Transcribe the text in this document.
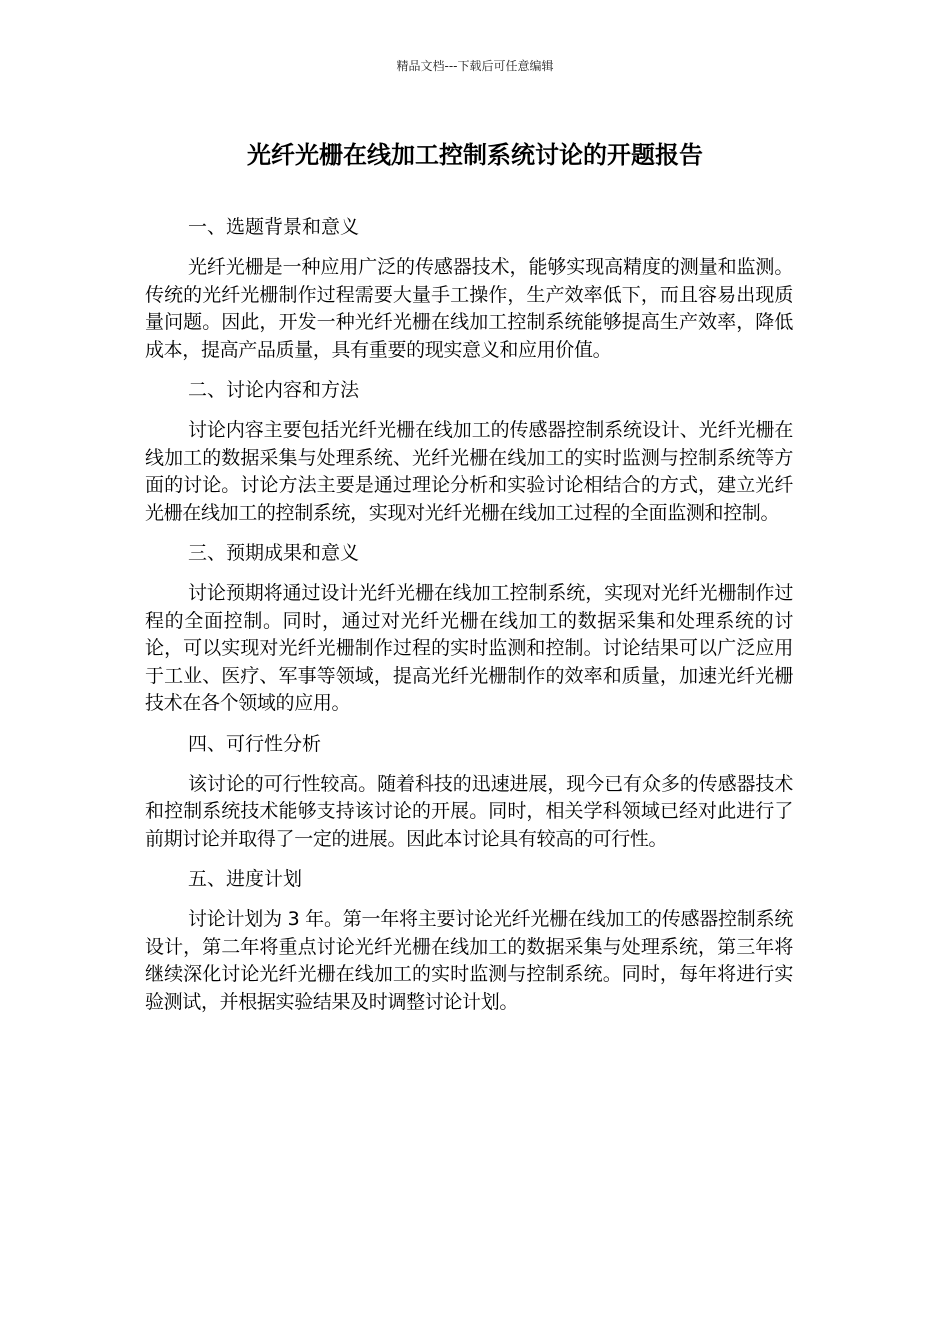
精品文档---下载后可任意编辑
光纤光栅在线加工控制系统讨论的开题报告

一、选题背景和意义

光纤光栅是一种应用广泛的传感器技术，能够实现高精度的测量和监测。传统的光纤光栅制作过程需要大量手工操作，生产效率低下，而且容易出现质量问题。因此，开发一种光纤光栅在线加工控制系统能够提高生产效率，降低成本，提高产品质量，具有重要的现实意义和应用价值。

二、讨论内容和方法

讨论内容主要包括光纤光栅在线加工的传感器控制系统设计、光纤光栅在线加工的数据采集与处理系统、光纤光栅在线加工的实时监测与控制系统等方面的讨论。讨论方法主要是通过理论分析和实验讨论相结合的方式，建立光纤光栅在线加工的控制系统，实现对光纤光栅在线加工过程的全面监测和控制。

三、预期成果和意义

讨论预期将通过设计光纤光栅在线加工控制系统，实现对光纤光栅制作过程的全面控制。同时，通过对光纤光栅在线加工的数据采集和处理系统的讨论，可以实现对光纤光栅制作过程的实时监测和控制。讨论结果可以广泛应用于工业、医疗、军事等领域，提高光纤光栅制作的效率和质量，加速光纤光栅技术在各个领域的应用。

四、可行性分析

该讨论的可行性较高。随着科技的迅速进展，现今已有众多的传感器技术和控制系统技术能够支持该讨论的开展。同时，相关学科领域已经对此进行了前期讨论并取得了一定的进展。因此本讨论具有较高的可行性。

五、进度计划

讨论计划为 3 年。第一年将主要讨论光纤光栅在线加工的传感器控制系统设计，第二年将重点讨论光纤光栅在线加工的数据采集与处理系统，第三年将继续深化讨论光纤光栅在线加工的实时监测与控制系统。同时，每年将进行实验测试，并根据实验结果及时调整讨论计划。
